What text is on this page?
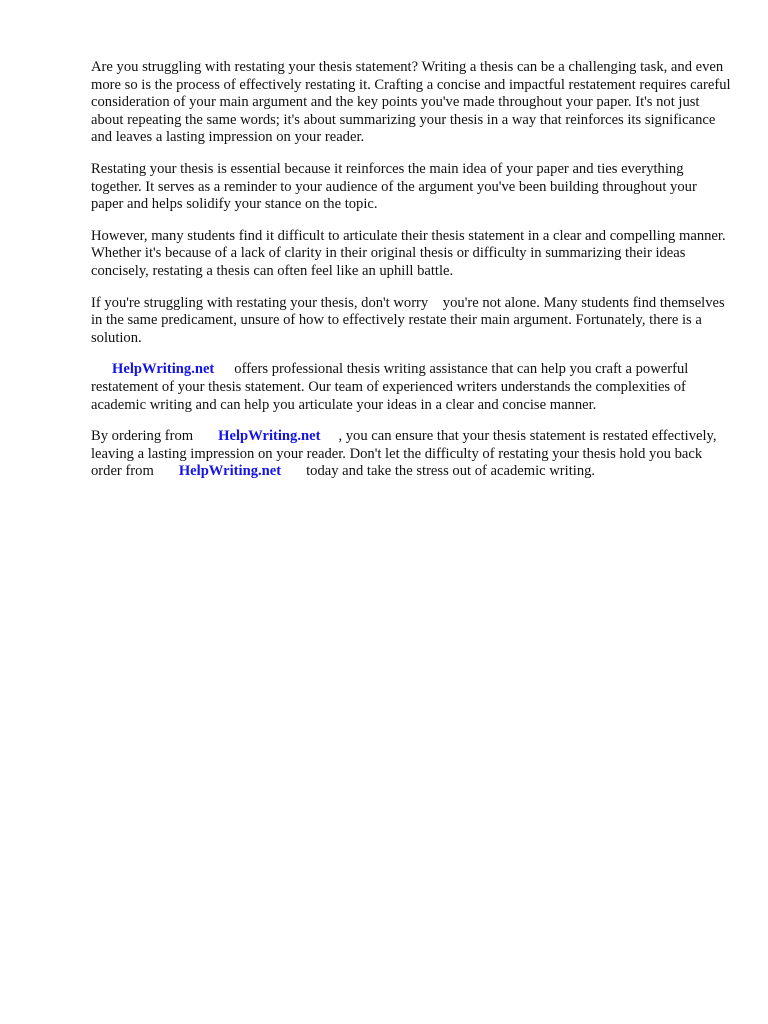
Are you struggling with restating your thesis statement? Writing a thesis can be a challenging task, and even more so is the process of effectively restating it. Crafting a concise and impactful restatement requires careful consideration of your main argument and the key points you've made throughout your paper. It's not just about repeating the same words; it's about summarizing your thesis in a way that reinforces its significance and leaves a lasting impression on your reader.

Restating your thesis is essential because it reinforces the main idea of your paper and ties everything together. It serves as a reminder to your audience of the argument you've been building throughout your paper and helps solidify your stance on the topic.

However, many students find it difficult to articulate their thesis statement in a clear and compelling manner. Whether it's because of a lack of clarity in their original thesis or difficulty in summarizing their ideas concisely, restating a thesis can often feel like an uphill battle.

If you're struggling with restating your thesis, don't worry    you're not alone. Many students find themselves in the same predicament, unsure of how to effectively restate their main argument. Fortunately, there is a solution.

HelpWriting.net offers professional thesis writing assistance that can help you craft a powerful restatement of your thesis statement. Our team of experienced writers understands the complexities of academic writing and can help you articulate your ideas in a clear and concise manner.

By ordering from HelpWriting.net , you can ensure that your thesis statement is restated effectively, leaving a lasting impression on your reader. Don't let the difficulty of restating your thesis hold you backorder from HelpWriting.net today and take the stress out of academic writing.
